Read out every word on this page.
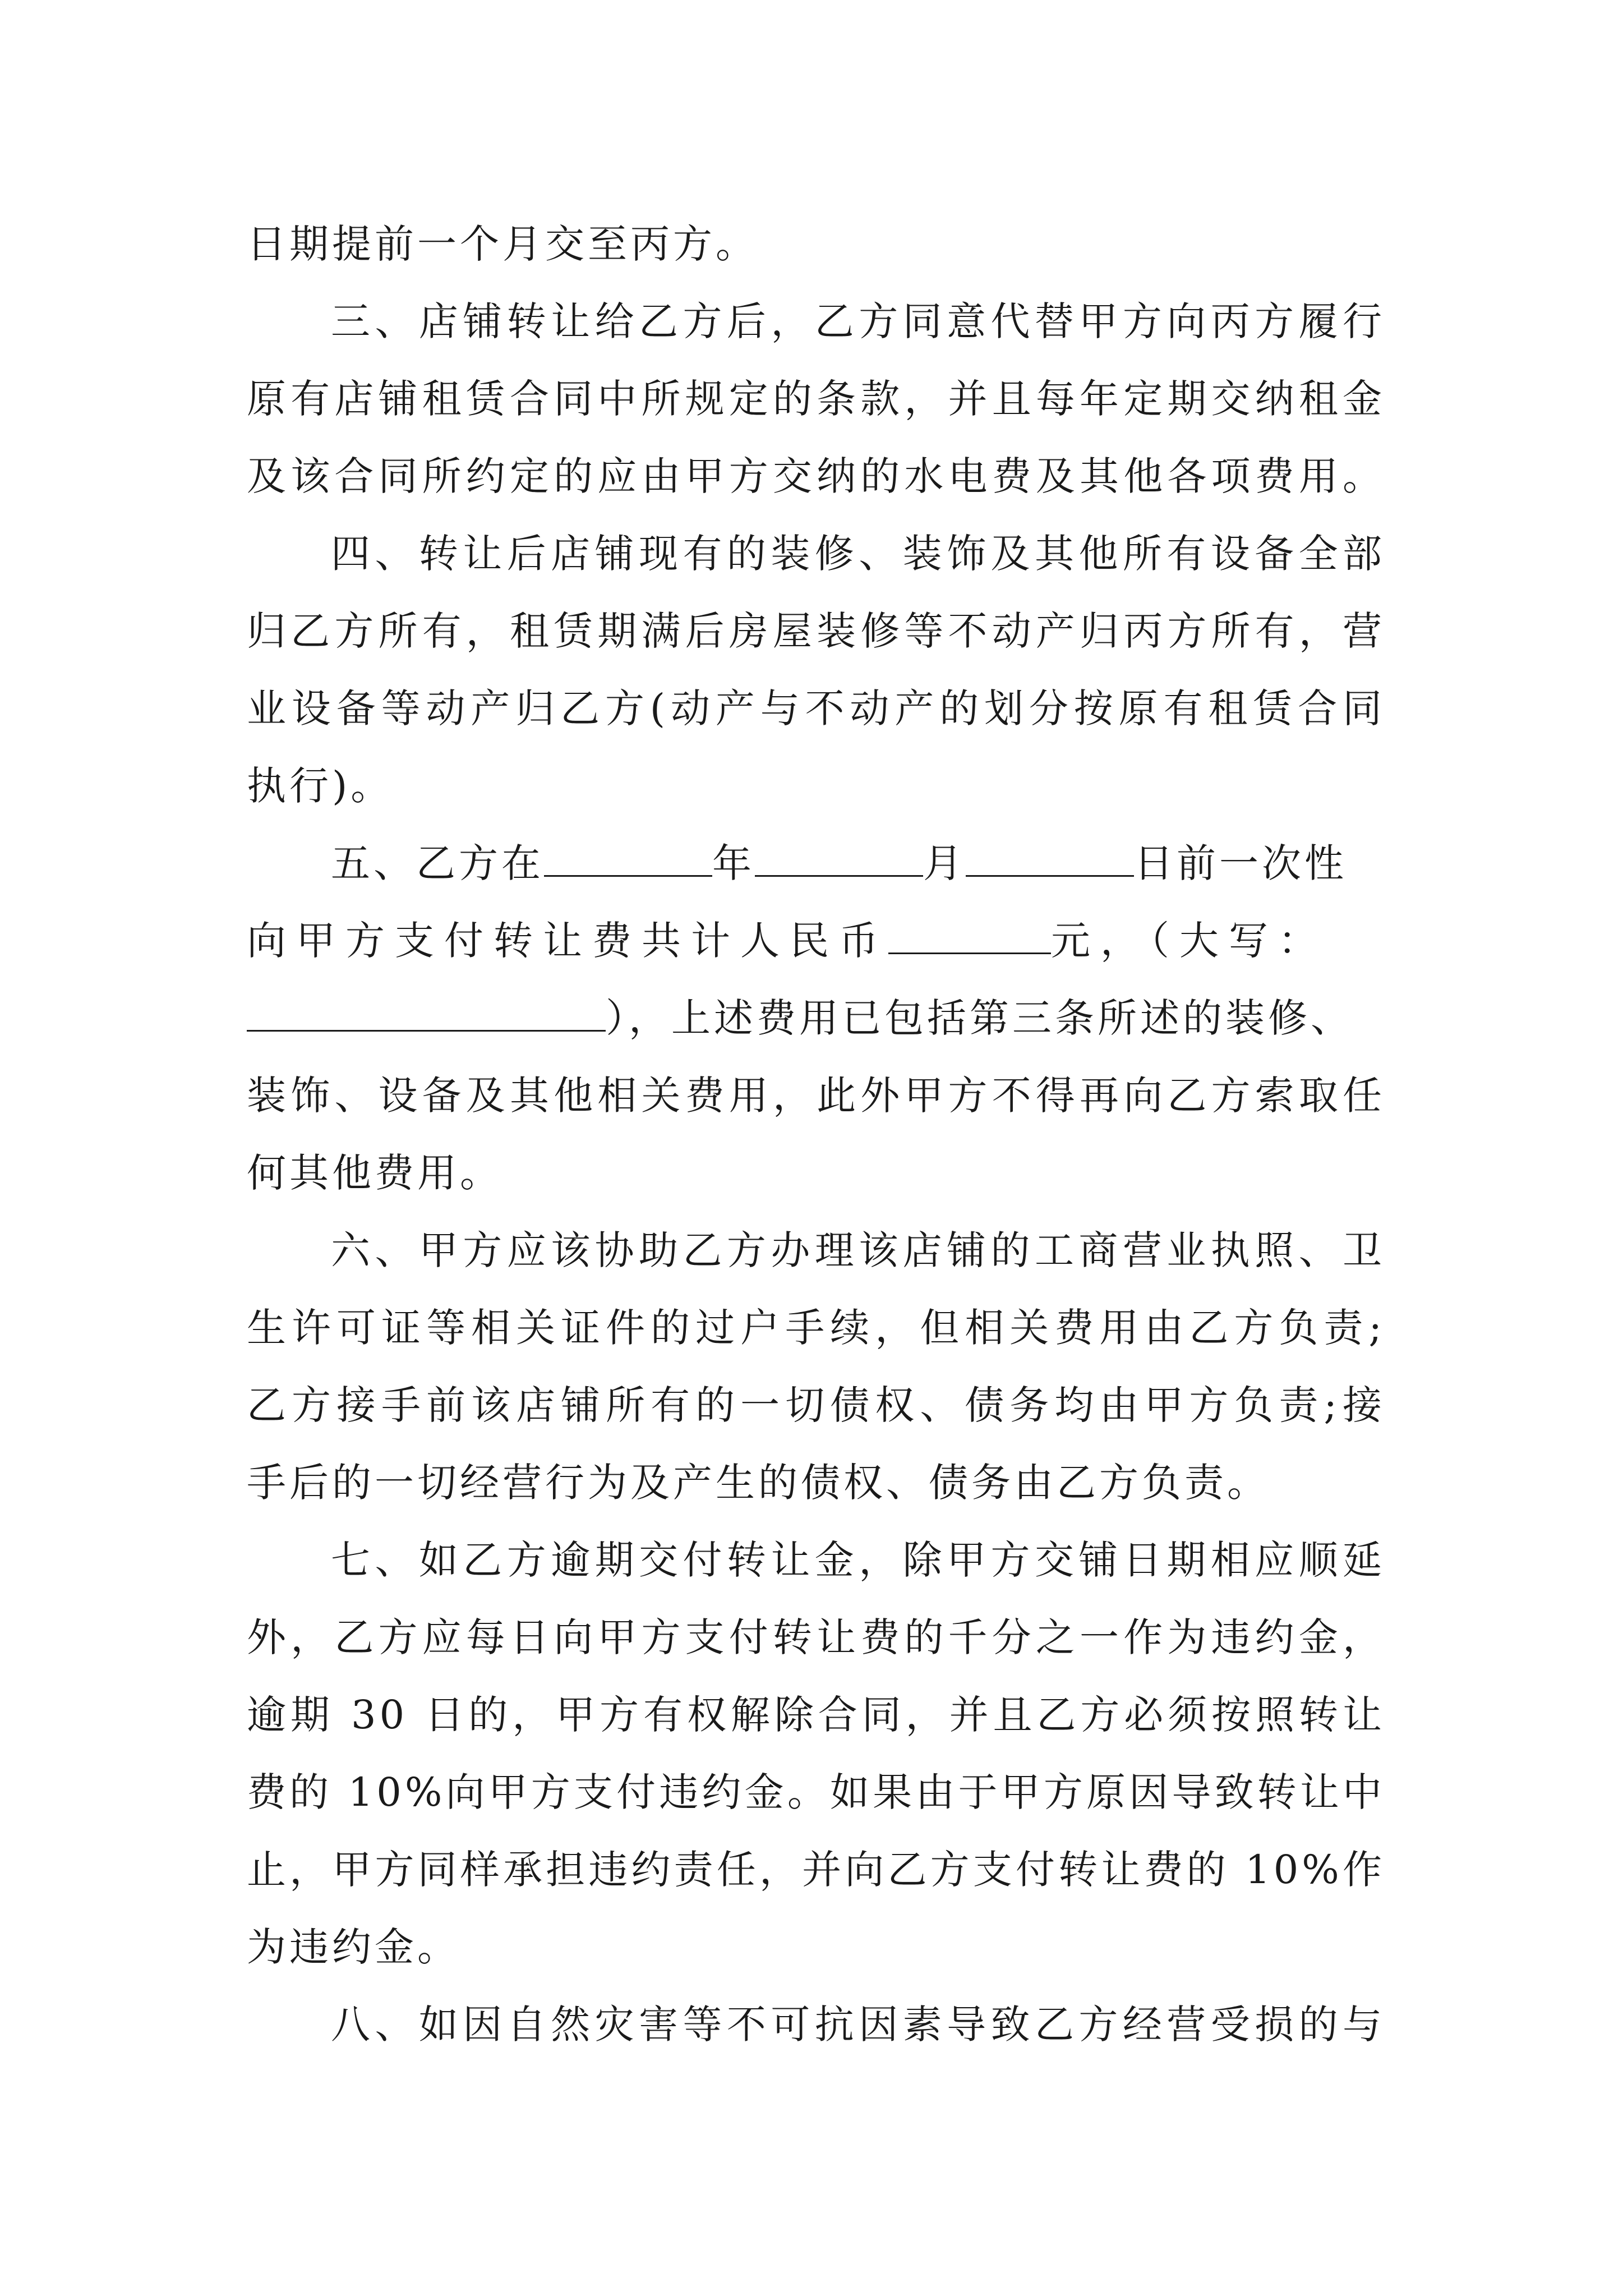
日期提前一个月交至丙方。
三、店铺转让给乙方后，乙方同意代替甲方向丙方履行
原有店铺租赁合同中所规定的条款，并且每年定期交纳租金
及该合同所约定的应由甲方交纳的水电费及其他各项费用。
四、转让后店铺现有的装修、装饰及其他所有设备全部
归乙方所有，租赁期满后房屋装修等不动产归丙方所有，营
业设备等动产归乙方(动产与不动产的划分按原有租赁合同
执行)。
五、乙方在	年	月	日前一次性
向甲方支付转让费共计人民币	元，（大写：
），上述费用已包括第三条所述的装修、
装饰、设备及其他相关费用，此外甲方不得再向乙方索取任
何其他费用。
六、甲方应该协助乙方办理该店铺的工商营业执照、卫
生许可证等相关证件的过户手续，但相关费用由乙方负责;
乙方接手前该店铺所有的一切债权、债务均由甲方负责;接
手后的一切经营行为及产生的债权、债务由乙方负责。
七、如乙方逾期交付转让金，除甲方交铺日期相应顺延
外，乙方应每日向甲方支付转让费的千分之一作为违约金，
逾期 30 日的，甲方有权解除合同，并且乙方必须按照转让
费的 10%向甲方支付违约金。如果由于甲方原因导致转让中
止，甲方同样承担违约责任，并向乙方支付转让费的 10%作
为违约金。
八、如因自然灾害等不可抗因素导致乙方经营受损的与
